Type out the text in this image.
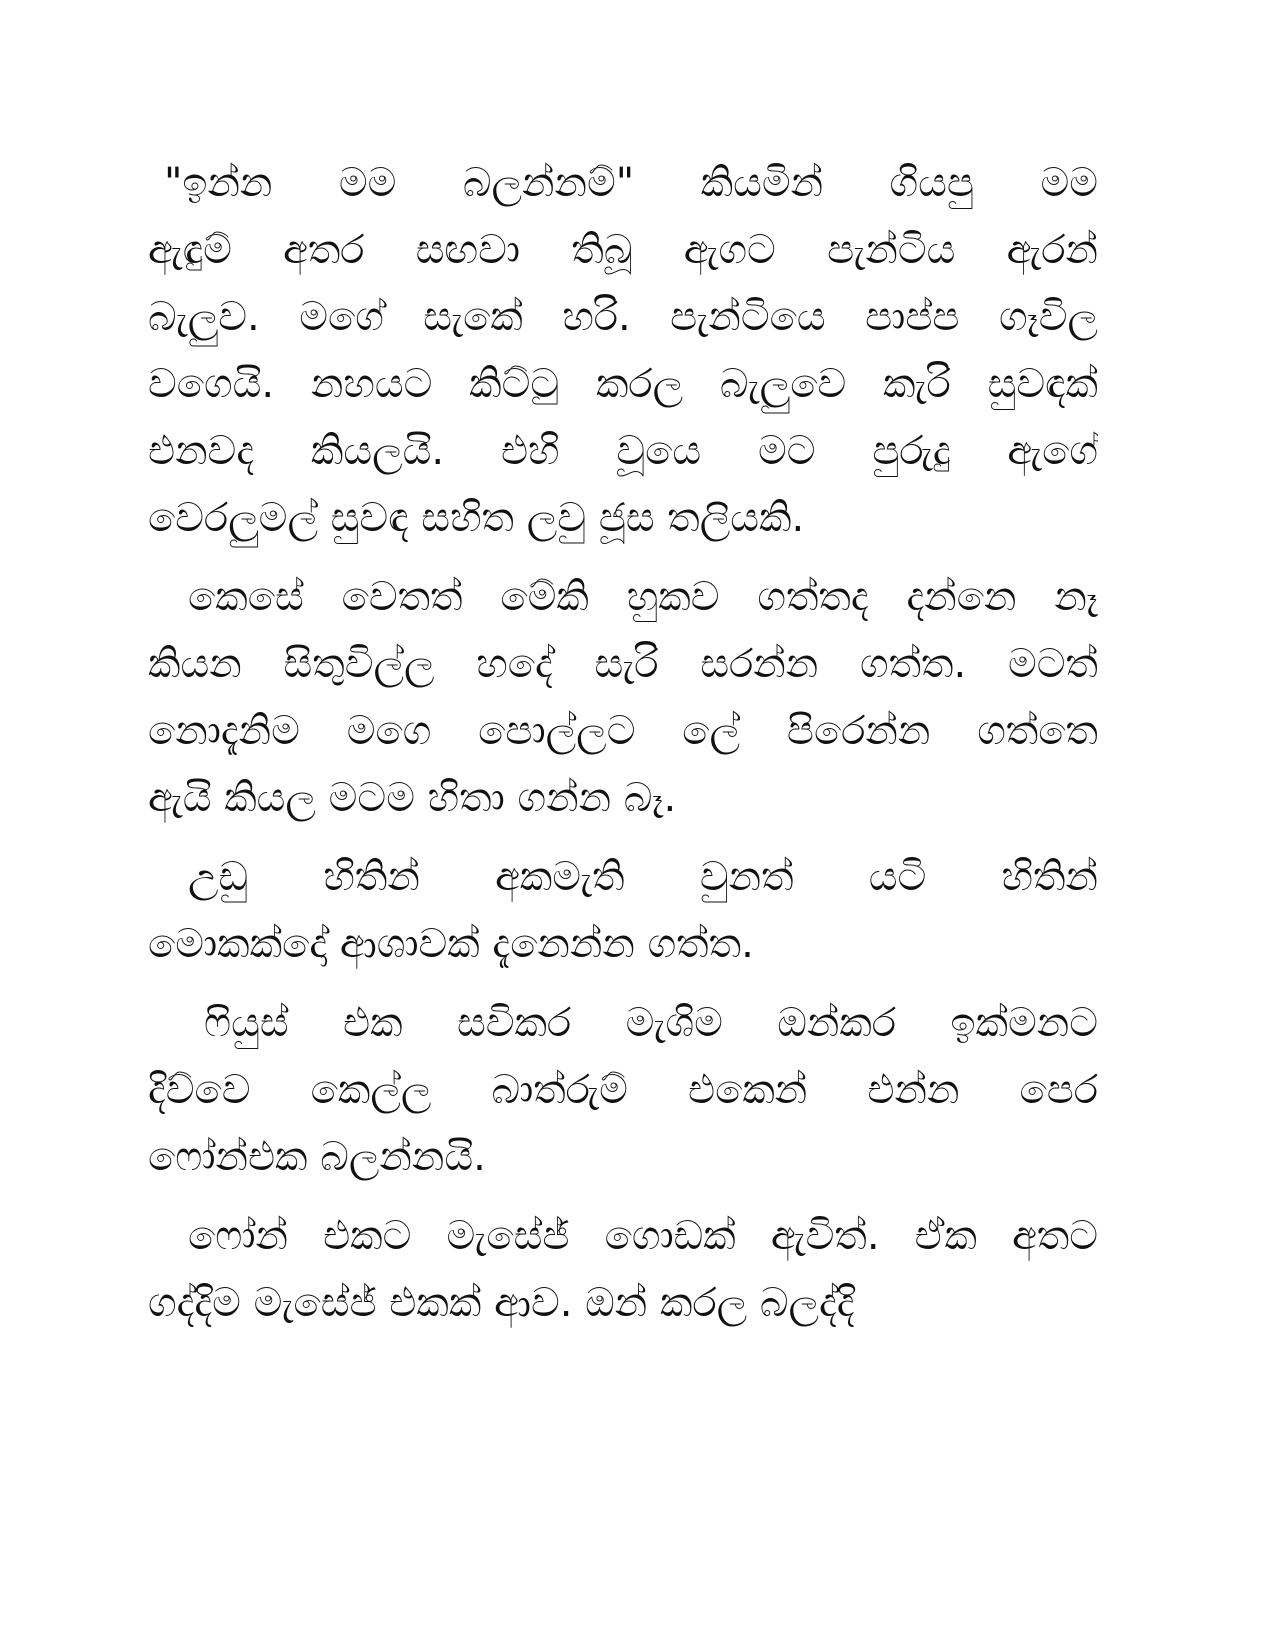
"ඉන්න මම බලන්නම්" කියමින් ගියපු මම
ඇඳුම් අතර සඟවා තිබූ ඇගට පැන්ටිය ඇරන්
බැලුව. මගේ සැකේ හරි. පැන්ටියෙ පාප්ප ගෑවිල
වගෙයි. නහයට කිට්ටු කරල බැලුවෙ කැරි සුවඳක්
එනවද කියලයි. එහි වූයෙ මට පුරුදු ඇගේ
වෙරලුමල් සුවඳ සහිත ලවු ජූස තලියකි.
කෙසේ වෙතත් මේකි හුකව ගත්තද දන්නෙ නෑ
කියන සිතුවිල්ල හදේ සැරි සරන්න ගත්ත. මටත්
නොදැනිම මගෙ පොල්ලට ලේ පිරෙන්න ගත්තෙ
ඇයි කියල මටම හිතා ගන්න බෑ.
උඩු හිතින් අකමැති වුනත් යටි හිතින්
මොකක්දෝ ආශාවක් දැනෙන්න ගත්ත.
ෆියුස් එක සවිකර මැශිම ඔන්කර ඉක්මනට
දිව්වෙ කෙල්ල බාත්රුම් එකෙන් එන්න පෙර
ෆෝන්එක බලන්නයි.
ෆෝන් එකට මැසේජ් ගොඩක් ඇවිත්. ඒක අතට
ගද්දිම මැසේජ් එකක් ආව. ඔන් කරල බලද්දි
